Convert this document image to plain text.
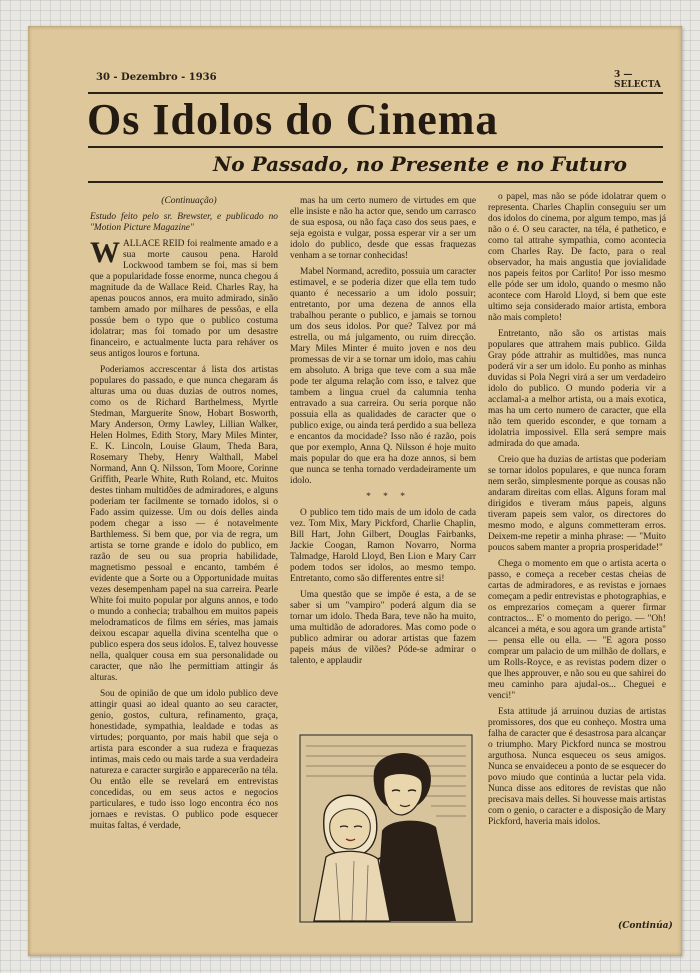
30 - Dezembro - 1936	3 — SELECTA
Os Idolos do Cinema
No Passado, no Presente e no Futuro

(Continuação)

Estudo feito pelo sr. Brewster, e publicado no "Motion Picture Magazine"

WALLACE REID foi realmente amado e a sua morte causou pena. Harold Lockwood tambem se foi, mas si bem que a popularidade fosse enorme, nunca chegou á magnitude da de Wallace Reid. Charles Ray, ha apenas poucos annos, era muito admirado, sinão tambem amado por milhares de pessôas, e ella possúe bem o typo que o publico costuma idolatrar; mas foi tomado por um desastre financeiro, e actualmente lucta para reháver os seus antigos louros e fortuna.

Poderiamos accrescentar á lista dos artistas populares do passado, e que nunca chegaram ás alturas uma ou duas duzias de outros nomes, como os de Richard Barthelmess, Myrtle Stedman, Marguerite Snow, Hobart Bosworth, Mary Anderson, Ormy Lawley, Lillian Walker, Helen Holmes, Edith Story, Mary Miles Minter, E. K. Lincoln, Louise Glaum, Theda Bara, Rosemary Theby, Henry Walthall, Mabel Normand, Ann Q. Nilsson, Tom Moore, Corinne Griffith, Pearle White, Ruth Roland, etc. Muitos destes tinham multidões de admiradores, e alguns poderiam ter facilmente se tornado idolos, si o Fado assim quizesse. Um ou dois delles ainda podem chegar a isso — é notavelmente Barthlemess. Si bem que, por via de regra, um artista se torne grande e idolo do publico, em razão de seu ou sua propria habilidade, magnetismo pessoal e encanto, também é evidente que a Sorte ou a Opportunidade muitas vezes desempenham papel na sua carreira. Pearle White foi muito popular por alguns annos, e todo o mundo a conhecia; trabalhou em muitos papeis melodramaticos de films em séries, mas jamais deixou escapar aquella divina scentelha que o publico espera dos seus idolos. E, talvez houvesse nella, qualquer cousa em sua personalidade ou caracter, que não lhe permittiam attingir ás alturas.

Sou de opinião de que um idolo publico deve attingir quasi ao ideal quanto ao seu caracter, genio, gostos, cultura, refinamento, graça, honestidade, sympathia, lealdade e todas as virtudes; porquanto, por mais habil que seja o artista para esconder a sua rudeza e fraquezas intimas, mais cedo ou mais tarde a sua verdadeira natureza e caracter surgirão e apparecerão na téla. Ou então elle se revelará em entrevistas concedidas, ou em seus actos e negocios particulares, e tudo isso logo encontra éco nos jornaes e revistas. O publico pode esquecer muitas faltas, é verdade,

mas ha um certo numero de virtudes em que elle insiste e não ha actor que, sendo um carrasco de sua esposa, ou não faça caso dos seus paes, e seja egoista e vulgar, possa esperar vir a ser um idolo do publico, desde que essas fraquezas venham a se tornar conhecidas!

Mabel Normand, acredito, possuia um caracter estimavel, e se poderia dizer que ella tem tudo quanto é necessario a um idolo possuir; entretanto, por uma dezena de annos ella trabalhou perante o publico, e jamais se tornou um dos seus idolos. Por que? Talvez por má estrella, ou má julgamento, ou ruim direcção. Mary Miles Minter é muito joven e nos deu promessas de vir a se tornar um idolo, mas cahiu em absoluto. A briga que teve com a sua mãe pode ter alguma relação com isso, e talvez que tambem a lingua cruel da calumnia tenha entravado a sua carreira. Ou seria porque não possuia ella as qualidades de caracter que o publico exige, ou ainda terá perdido a sua belleza e encantos da mocidade? Isso não é razão, pois que por exemplo, Anna Q. Nilsson é hoje muito mais popular do que era ha doze annos, si bem que nunca se tenha tornado verdadeiramente um idolo.

* * *

O publico tem tido mais de um idolo de cada vez. Tom Mix, Mary Pickford, Charlie Chaplin, Bill Hart, John Gilbert, Douglas Fairbanks, Jackie Coogan, Ramon Novarro, Norma Talmadge, Harold Lloyd, Ben Lion e Mary Carr podem todos ser idolos, ao mesmo tempo. Entretanto, como são differentes entre si!

Uma questão que se impõe é esta, a de se saber si um "vampiro" poderá algum dia se tornar um idolo. Theda Bara, teve não ha muito, uma multidão de adoradores. Mas como pode o publico admirar ou adorar artistas que fazem papeis máus de vilões? Póde-se admirar o talento, e applaudir

o papel, mas não se póde idolatrar quem o representa. Charles Chaplin conseguiu ser um dos idolos do cinema, por algum tempo, mas já não o é. O seu caracter, na téla, é pathetico, e como tal attrahe sympathia, como acontecia com Charles Ray. De facto, para o real observador, ha mais angustia que jovialidade nos papeis feitos por Carlito! Por isso mesmo elle póde ser um idolo, quando o mesmo não acontece com Harold Lloyd, si bem que este ultimo seja considerado maior artista, embora não mais completo!

Entretanto, não são os artistas mais populares que attrahem mais publico. Gilda Gray póde attrahir as multidões, mas nunca poderá vir a ser um idolo. Eu ponho as minhas duvidas si Pola Negri virá a ser um verdadeiro idolo do publico. O mundo poderia vir a acclamal-a a melhor artista, ou a mais exotica, mas ha um certo numero de caracter, que ella não tem querido esconder, e que tornam a idolatria impossivel. Ella será sempre mais admirada do que amada.

Creio que ha duzias de artistas que poderiam se tornar idolos populares, e que nunca foram nem serão, simplesmente porque as cousas não andaram direitas com ellas. Alguns foram mal dirigidos e tiveram máus papeis, alguns tiveram papeis sem valor, os directores do mesmo modo, e alguns commetteram erros. Deixem-me repetir a minha phrase: — "Muito poucos sabem manter a propria prosperidade!"

Chega o momento em que o artista acerta o passo, e começa a receber cestas cheias de cartas de admiradores, e as revistas e jornaes começam a pedir entrevistas e photographias, e os emprezarios começam a querer firmar contractos... E' o momento do perigo. — "Oh! alcancei a méta, e sou agora um grande artista" — pensa elle ou ella. — "E agora posso comprar um palacio de um milhão de dollars, e um Rolls-Royce, e as revistas podem dizer o que lhes approuver, e não sou eu que sahirei do meu caminho para ajudal-os... Cheguei e venci!"

Esta attitude já arruinou duzias de artistas promissores, dos que eu conheço. Mostra uma falha de caracter que é desastrosa para alcançar o triumpho. Mary Pickford nunca se mostrou arguthosa. Nunca esqueceu os seus amigos. Nunca se envaideceu a ponto de se esquecer do povo miudo que continúa a luctar pela vida. Nunca disse aos editores de revistas que não precisava mais delles. Si houvesse mais artistas com o genio, o caracter e a disposição de Mary Pickford, haveria mais idolos.

(Continúa)
